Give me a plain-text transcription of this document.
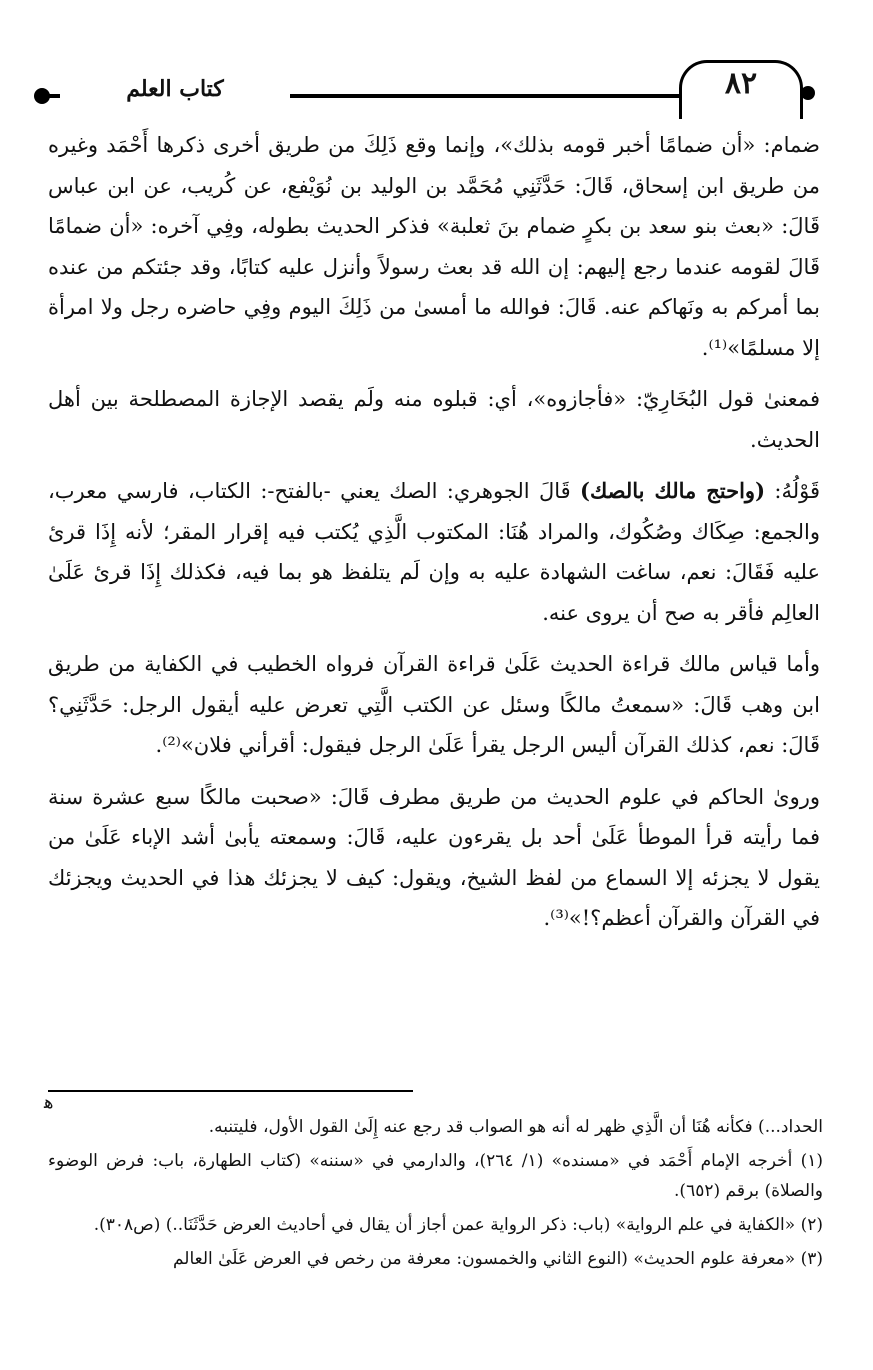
٨٢
كتاب العلم

ضمام: «أن ضمامًا أخبر قومه بذلك»، وإنما وقع ذَلِكَ من طريق أخرى ذكرها أَحْمَد وغيره من طريق ابن إسحاق، قَالَ: حَدَّثَنِي مُحَمَّد بن الوليد بن نُوَيْفع، عن كُريب، عن ابن عباس قَالَ: «بعث بنو سعد بن بكرٍ ضمام بنَ ثعلبة» فذكر الحديث بطوله، وفِي آخره: «أن ضمامًا قَالَ لقومه عندما رجع إليهم: إن الله قد بعث رسولاً وأنزل عليه كتابًا، وقد جئتكم من عنده بما أمركم به ونَهاكم عنه. قَالَ: فوالله ما أمسىٰ من ذَلِكَ اليوم وفِي حاضره رجل ولا امرأة إلا مسلمًا»⁽¹⁾.

فمعنىٰ قول البُخَارِيّ: «فأجازوه»، أي: قبلوه منه ولَم يقصد الإجازة المصطلحة بين أهل الحديث.

قَوْلُهُ: (واحتج مالك بالصك) قَالَ الجوهري: الصك يعني -بالفتح-: الكتاب، فارسي معرب، والجمع: صِكَاك وصُكُوك، والمراد هُنَا: المكتوب الَّذِي يُكتب فيه إقرار المقر؛ لأنه إِذَا قرئ عليه فَقَالَ: نعم، ساغت الشهادة عليه به وإن لَم يتلفظ هو بما فيه، فكذلك إِذَا قرئ عَلَىٰ العالِم فأقر به صح أن يروى عنه.

وأما قياس مالك قراءة الحديث عَلَىٰ قراءة القرآن فرواه الخطيب في الكفاية من طريق ابن وهب قَالَ: «سمعتُ مالكًا وسئل عن الكتب الَّتِي تعرض عليه أيقول الرجل: حَدَّثَنِي؟ قَالَ: نعم، كذلك القرآن أليس الرجل يقرأ عَلَىٰ الرجل فيقول: أقرأني فلان»⁽²⁾.

وروىٰ الحاكم في علوم الحديث من طريق مطرف قَالَ: «صحبت مالكًا سبع عشرة سنة فما رأيته قرأ الموطأ عَلَىٰ أحد بل يقرءون عليه، قَالَ: وسمعته يأبىٰ أشد الإباء عَلَىٰ من يقول لا يجزئه إلا السماع من لفظ الشيخ، ويقول: كيف لا يجزئك هذا في الحديث ويجزئك في القرآن والقرآن أعظم؟!»⁽³⁾.

ﻫ

الحداد...) فكأنه هُنَا أن الَّذِي ظهر له أنه هو الصواب قد رجع عنه إِلَىٰ القول الأول، فليتنبه.

(١) أخرجه الإمام أَحْمَد في «مسنده» (١/ ٢٦٤)، والدارمي في «سننه» (كتاب الطهارة، باب: فرض الوضوء والصلاة) برقم (٦٥٢).

(٢) «الكفاية في علم الرواية» (باب: ذكر الرواية عمن أجاز أن يقال في أحاديث العرض حَدَّثَنَا..) (ص٣٠٨).

(٣) «معرفة علوم الحديث» (النوع الثاني والخمسون: معرفة من رخص في العرض عَلَىٰ العالم
